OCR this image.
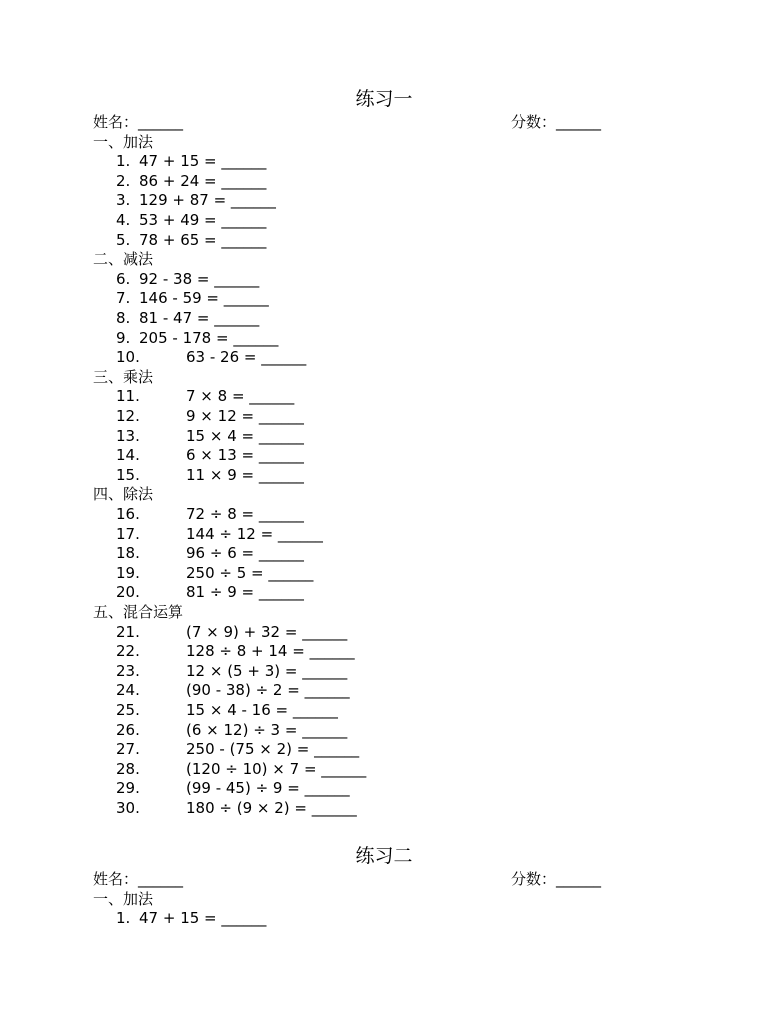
练习一
姓名：______	分数：______
一、加法
1. 47 + 15 = ______
2. 86 + 24 = ______
3. 129 + 87 = ______
4. 53 + 49 = ______
5. 78 + 65 = ______
二、减法
6. 92 - 38 = ______
7. 146 - 59 = ______
8. 81 - 47 = ______
9. 205 - 178 = ______
10.	63 - 26 = ______
三、乘法
11.	7 × 8 = ______
12.	9 × 12 = ______
13.	15 × 4 = ______
14.	6 × 13 = ______
15.	11 × 9 = ______
四、除法
16.	72 ÷ 8 = ______
17.	144 ÷ 12 = ______
18.	96 ÷ 6 = ______
19.	250 ÷ 5 = ______
20.	81 ÷ 9 = ______
五、混合运算
21.	(7 × 9) + 32 = ______
22.	128 ÷ 8 + 14 = ______
23.	12 × (5 + 3) = ______
24.	(90 - 38) ÷ 2 = ______
25.	15 × 4 - 16 = ______
26.	(6 × 12) ÷ 3 = ______
27.	250 - (75 × 2) = ______
28.	(120 ÷ 10) × 7 = ______
29.	(99 - 45) ÷ 9 = ______
30.	180 ÷ (9 × 2) = ______
练习二
姓名：______	分数：______
一、加法
1. 47 + 15 = ______
